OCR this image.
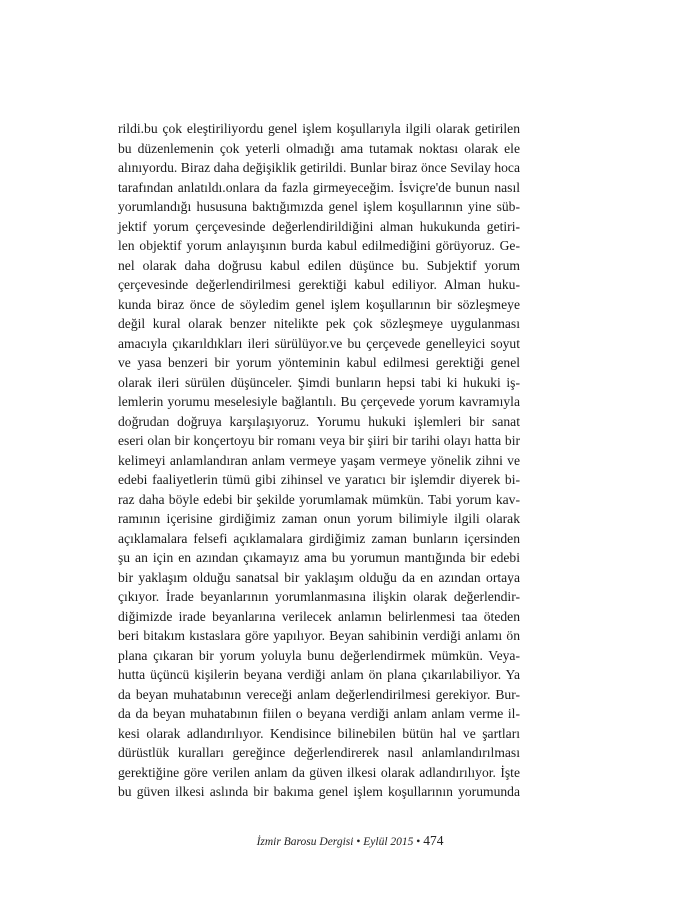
rildi.bu çok eleştiriliyordu genel işlem koşullarıyla ilgili olarak getirilen
bu düzenlemenin çok yeterli olmadığı ama tutamak noktası olarak ele
alınıyordu. Biraz daha değişiklik getirildi. Bunlar biraz önce Sevilay hoca
tarafından anlatıldı.onlara da fazla girmeyeceğim. İsviçre'de bunun nasıl
yorumlandığı hususuna baktığımızda genel işlem koşullarının yine süb-
jektif yorum çerçevesinde değerlendirildiğini alman hukukunda getiri-
len objektif yorum anlayışının burda kabul edilmediğini görüyoruz. Ge-
nel olarak daha doğrusu kabul edilen düşünce bu. Subjektif yorum
çerçevesinde değerlendirilmesi gerektiği kabul ediliyor. Alman huku-
kunda biraz önce de söyledim genel işlem koşullarının bir sözleşmeye
değil kural olarak benzer nitelikte pek çok sözleşmeye uygulanması
amacıyla çıkarıldıkları ileri sürülüyor.ve bu çerçevede genelleyici soyut
ve yasa benzeri bir yorum yönteminin kabul edilmesi gerektiği genel
olarak ileri sürülen düşünceler. Şimdi bunların hepsi tabi ki hukuki iş-
lemlerin yorumu meselesiyle bağlantılı. Bu çerçevede yorum kavramıyla
doğrudan doğruya karşılaşıyoruz. Yorumu hukuki işlemleri bir sanat
eseri olan bir konçertoyu bir romanı veya bir şiiri bir tarihi olayı hatta bir
kelimeyi anlamlandıran anlam vermeye yaşam vermeye yönelik zihni ve
edebi faaliyetlerin tümü gibi zihinsel ve yaratıcı bir işlemdir diyerek bi-
raz daha böyle edebi bir şekilde yorumlamak mümkün. Tabi yorum kav-
ramının içerisine girdiğimiz zaman onun yorum bilimiyle ilgili olarak
açıklamalara felsefi açıklamalara girdiğimiz zaman bunların içersinden
şu an için en azından çıkamayız ama bu yorumun mantığında bir edebi
bir yaklaşım olduğu sanatsal bir yaklaşım olduğu da en azından ortaya
çıkıyor. İrade beyanlarının yorumlanmasına ilişkin olarak değerlendir-
diğimizde irade beyanlarına verilecek anlamın belirlenmesi taa öteden
beri bitakım kıstaslara göre yapılıyor. Beyan sahibinin verdiği anlamı ön
plana çıkaran bir yorum yoluyla bunu değerlendirmek mümkün. Veya-
hutta üçüncü kişilerin beyana verdiği anlam ön plana çıkarılabiliyor. Ya
da beyan muhatabının vereceği anlam değerlendirilmesi gerekiyor. Bur-
da da beyan muhatabının fiilen o beyana verdiği anlam anlam verme il-
kesi olarak adlandırılıyor. Kendisince bilinebilen bütün hal ve şartları
dürüstlük kuralları gereğince değerlendirerek nasıl anlamlandırılması
gerektiğine göre verilen anlam da güven ilkesi olarak adlandırılıyor. İşte
bu güven ilkesi aslında bir bakıma genel işlem koşullarının yorumunda
İzmir Barosu Dergisi • Eylül 2015 • 474
